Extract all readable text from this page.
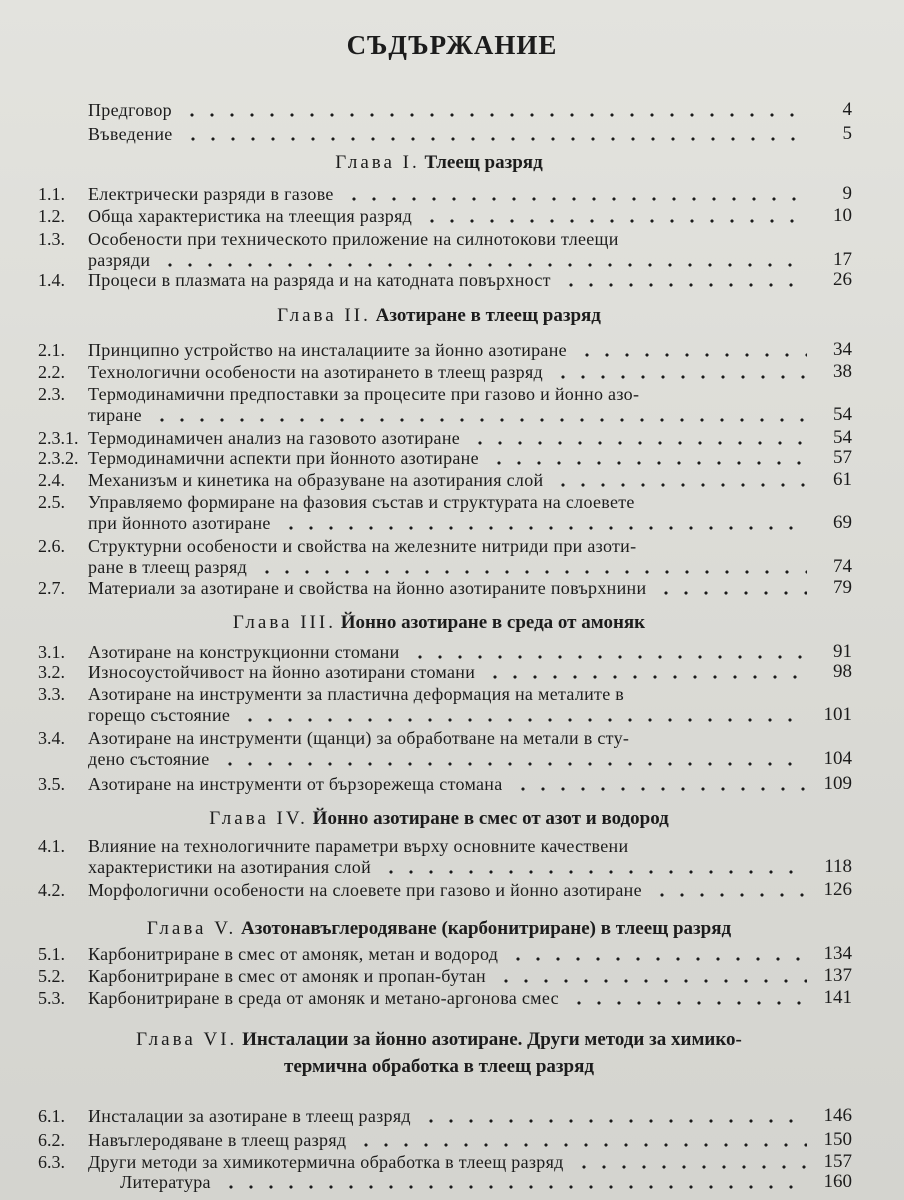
СЪДЪРЖАНИЕ
Предговор	4
Въведение	5
Глава I. Тлеещ разряд
1.1. Електрически разряди в газове	9
1.2. Обща характеристика на тлеещия разряд	10
1.3. Особености при техническото приложение на силнотокови тлеещи
разряди	17
1.4. Процеси в плазмата на разряда и на катодната повърхност	26
Глава II. Азотиране в тлеещ разряд
2.1. Принципно устройство на инсталациите за йонно азотиране	34
2.2. Технологични особености на азотирането в тлеещ разряд	38
2.3. Термодинамични предпоставки за процесите при газово и йонно азо-
тиране	54
2.3.1. Термодинамичен анализ на газовото азотиране	54
2.3.2. Термодинамични аспекти при йонното азотиране	57
2.4. Механизъм и кинетика на образуване на азотирания слой	61
2.5. Управляемо формиране на фазовия състав и структурата на слоевете
при йонното азотиране	69
2.6. Структурни особености и свойства на железните нитриди при азоти-
ране в тлеещ разряд	74
2.7. Материали за азотиране и свойства на йонно азотираните повърхнини	79
Глава III. Йонно азотиране в среда от амоняк
3.1. Азотиране на конструкционни стомани	91
3.2. Износоустойчивост на йонно азотирани стомани	98
3.3. Азотиране на инструменти за пластична деформация на металите в
горещо състояние	101
3.4. Азотиране на инструменти (щанци) за обработване на метали в сту-
дено състояние	104
3.5. Азотиране на инструменти от бързорежеща стомана	109
Глава IV. Йонно азотиране в смес от азот и водород
4.1. Влияние на технологичните параметри върху основните качествени
характеристики на азотирания слой	118
4.2. Морфологични особености на слоевете при газово и йонно азотиране	126
Глава V. Азотонавъглеродяване (карбонитриране) в тлеещ разряд
5.1. Карбонитриране в смес от амоняк, метан и водород	134
5.2. Карбонитриране в смес от амоняк и пропан-бутан	137
5.3. Карбонитриране в среда от амоняк и метано-аргонова смес	141
Глава VI. Инсталации за йонно азотиране. Други методи за химико-
термична обработка в тлеещ разряд
6.1. Инсталации за азотиране в тлеещ разряд	146
6.2. Навъглеродяване в тлеещ разряд	150
6.3. Други методи за химикотермична обработка в тлеещ разряд	157
Литература	160
